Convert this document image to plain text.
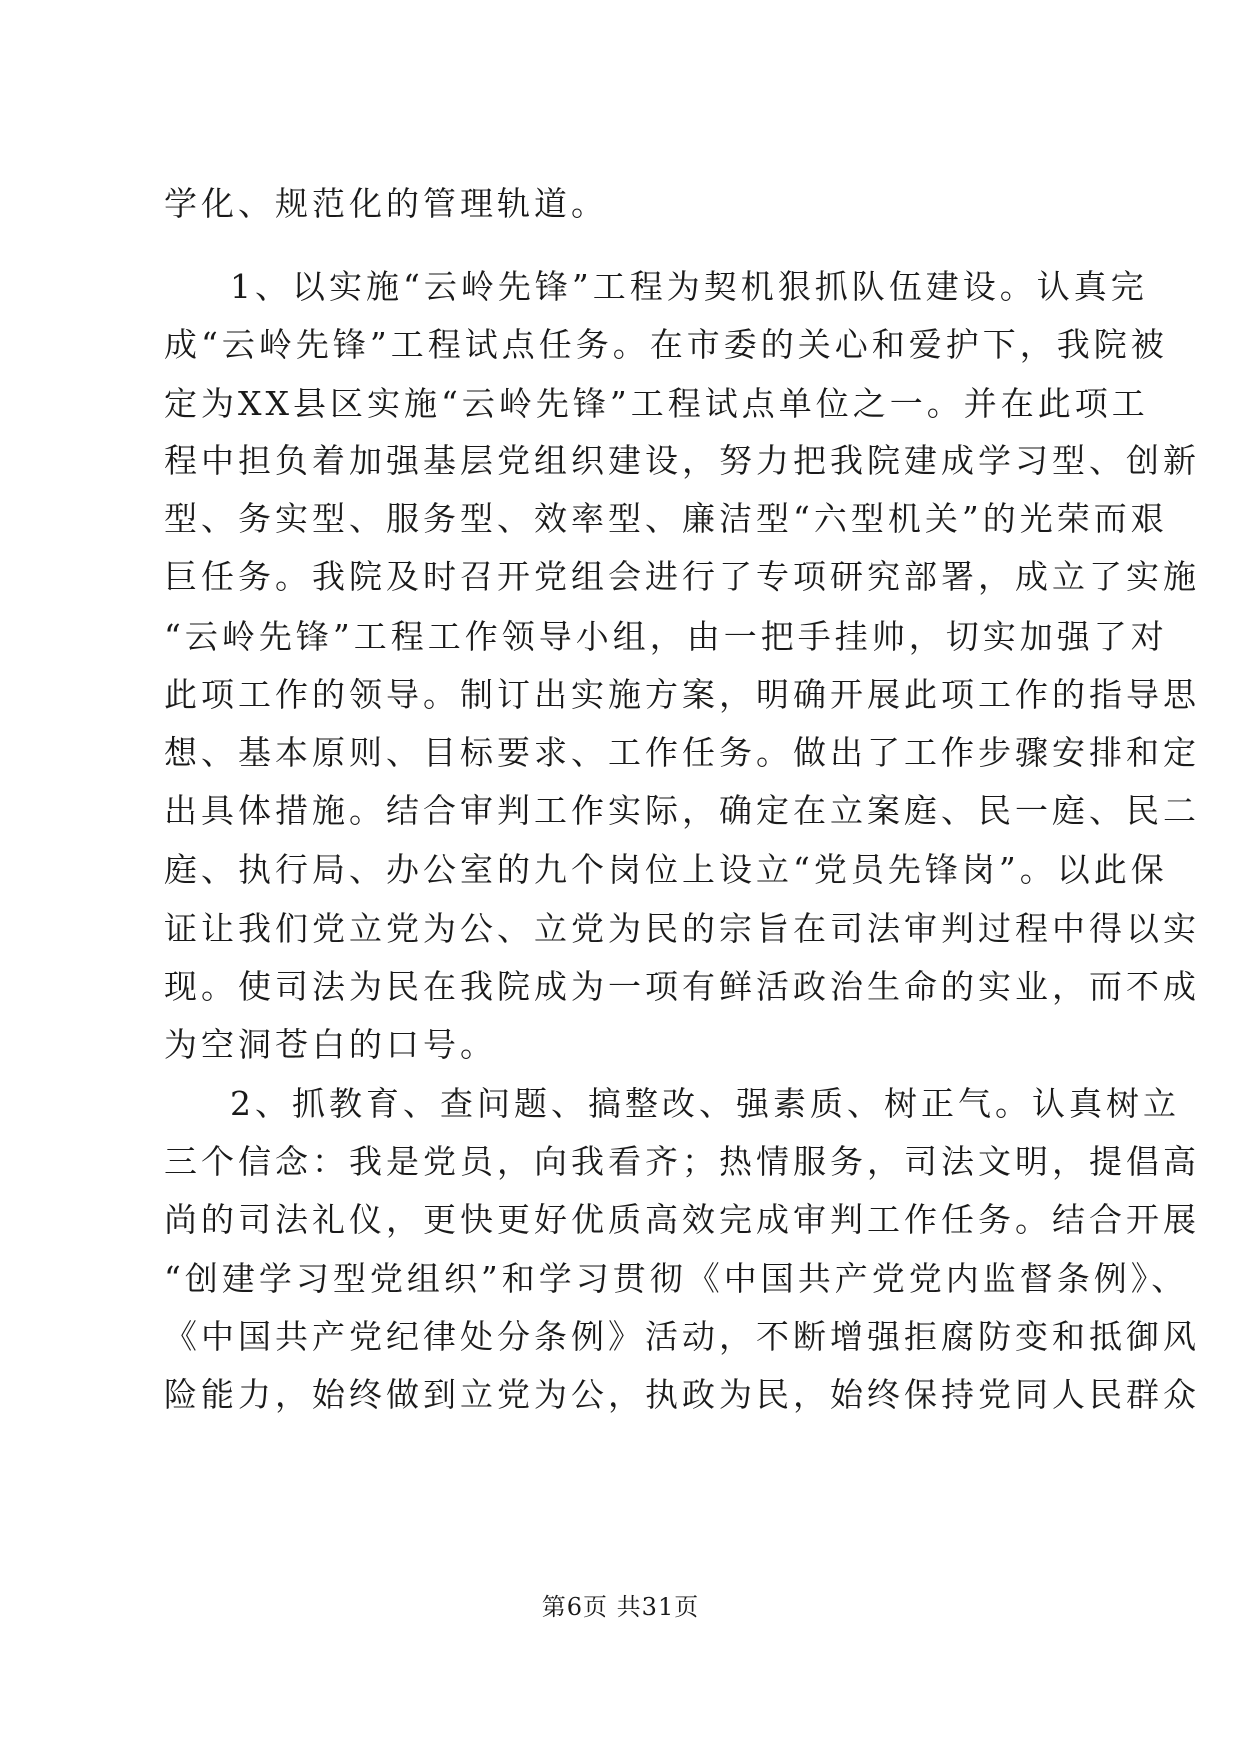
学化、规范化的管理轨道。
1、以实施“云岭先锋”工程为契机狠抓队伍建设。认真完
成“云岭先锋”工程试点任务。在市委的关心和爱护下，我院被
定为XX县区实施“云岭先锋”工程试点单位之一。并在此项工
程中担负着加强基层党组织建设，努力把我院建成学习型、创新
型、务实型、服务型、效率型、廉洁型“六型机关”的光荣而艰
巨任务。我院及时召开党组会进行了专项研究部署，成立了实施
“云岭先锋”工程工作领导小组，由一把手挂帅，切实加强了对
此项工作的领导。制订出实施方案，明确开展此项工作的指导思
想、基本原则、目标要求、工作任务。做出了工作步骤安排和定
出具体措施。结合审判工作实际，确定在立案庭、民一庭、民二
庭、执行局、办公室的九个岗位上设立“党员先锋岗”。以此保
证让我们党立党为公、立党为民的宗旨在司法审判过程中得以实
现。使司法为民在我院成为一项有鲜活政治生命的实业，而不成
为空洞苍白的口号。
2、抓教育、查问题、搞整改、强素质、树正气。认真树立
三个信念：我是党员，向我看齐；热情服务，司法文明，提倡高
尚的司法礼仪，更快更好优质高效完成审判工作任务。结合开展
“创建学习型党组织”和学习贯彻《中国共产党党内监督条例》、
《中国共产党纪律处分条例》活动，不断增强拒腐防变和抵御风
险能力，始终做到立党为公，执政为民，始终保持党同人民群众
第6页 共31页
